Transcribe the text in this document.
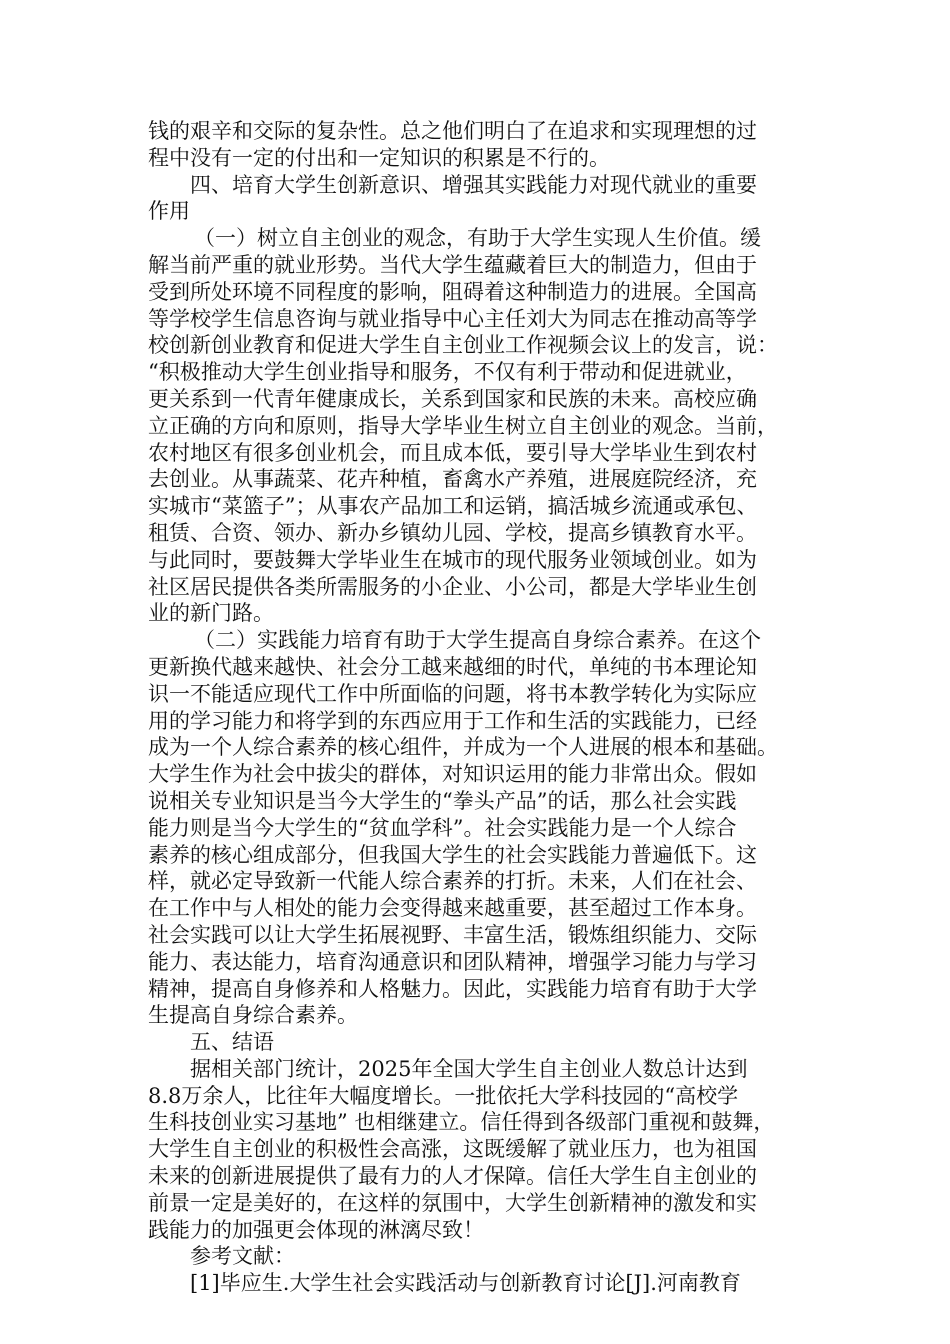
钱的艰辛和交际的复杂性。总之他们明白了在追求和实现理想的过
程中没有一定的付出和一定知识的积累是不行的。
四、培育大学生创新意识、增强其实践能力对现代就业的重要
作用
（一）树立自主创业的观念，有助于大学生实现人生价值。缓
解当前严重的就业形势。当代大学生蕴藏着巨大的制造力，但由于
受到所处环境不同程度的影响，阻碍着这种制造力的进展。全国高
等学校学生信息咨询与就业指导中心主任刘大为同志在推动高等学
校创新创业教育和促进大学生自主创业工作视频会议上的发言，说：
“积极推动大学生创业指导和服务，不仅有利于带动和促进就业，
更关系到一代青年健康成长，关系到国家和民族的未来。高校应确
立正确的方向和原则，指导大学毕业生树立自主创业的观念。当前，
农村地区有很多创业机会，而且成本低，要引导大学毕业生到农村
去创业。从事蔬菜、花卉种植，畜禽水产养殖，进展庭院经济，充
实城市“菜篮子”；从事农产品加工和运销，搞活城乡流通或承包、
租赁、合资、领办、新办乡镇幼儿园、学校，提高乡镇教育水平。
与此同时，要鼓舞大学毕业生在城市的现代服务业领域创业。如为
社区居民提供各类所需服务的小企业、小公司，都是大学毕业生创
业的新门路。
（二）实践能力培育有助于大学生提高自身综合素养。在这个
更新换代越来越快、社会分工越来越细的时代，单纯的书本理论知
识一不能适应现代工作中所面临的问题，将书本教学转化为实际应
用的学习能力和将学到的东西应用于工作和生活的实践能力，已经
成为一个人综合素养的核心组件，并成为一个人进展的根本和基础。
大学生作为社会中拔尖的群体，对知识运用的能力非常出众。假如
说相关专业知识是当今大学生的“拳头产品”的话，那么社会实践
能力则是当今大学生的“贫血学科”。社会实践能力是一个人综合
素养的核心组成部分，但我国大学生的社会实践能力普遍低下。这
样，就必定导致新一代能人综合素养的打折。未来，人们在社会、
在工作中与人相处的能力会变得越来越重要，甚至超过工作本身。
社会实践可以让大学生拓展视野、丰富生活，锻炼组织能力、交际
能力、表达能力，培育沟通意识和团队精神，增强学习能力与学习
精神，提高自身修养和人格魅力。因此，实践能力培育有助于大学
生提高自身综合素养。
五、结语
据相关部门统计，2025年全国大学生自主创业人数总计达到
8.8万余人，比往年大幅度增长。一批依托大学科技园的“高校学
生科技创业实习基地” 也相继建立。信任得到各级部门重视和鼓舞，
大学生自主创业的积极性会高涨，这既缓解了就业压力，也为祖国
未来的创新进展提供了最有力的人才保障。信任大学生自主创业的
前景一定是美好的，在这样的氛围中，大学生创新精神的激发和实
践能力的加强更会体现的淋漓尽致！
参考文献：
[1]毕应生.大学生社会实践活动与创新教育讨论[J].河南教育
